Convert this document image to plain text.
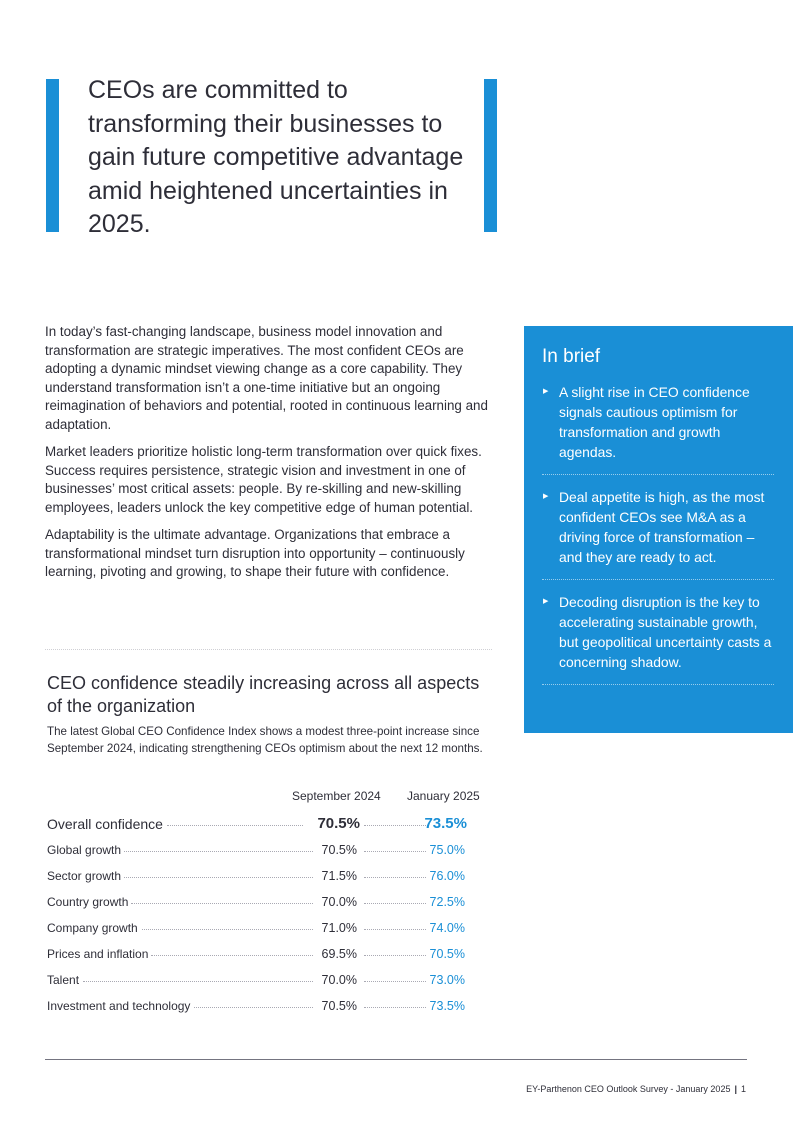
CEOs are committed to transforming their businesses to gain future competitive advantage amid heightened uncertainties in 2025.

In today’s fast-changing landscape, business model innovation and transformation are strategic imperatives. The most confident CEOs are adopting a dynamic mindset viewing change as a core capability. They understand transformation isn’t a one-time initiative but an ongoing reimagination of behaviors and potential, rooted in continuous learning and adaptation.

Market leaders prioritize holistic long-term transformation over quick fixes. Success requires persistence, strategic vision and investment in one of businesses’ most critical assets: people. By re-skilling and new-skilling employees, leaders unlock the key competitive edge of human potential.

Adaptability is the ultimate advantage. Organizations that embrace a transformational mindset turn disruption into opportunity – continuously learning, pivoting and growing, to shape their future with confidence.

In brief
▶ A slight rise in CEO confidence signals cautious optimism for transformation and growth agendas.
▶ Deal appetite is high, as the most confident CEOs see M&A as a driving force of transformation – and they are ready to act.
▶ Decoding disruption is the key to accelerating sustainable growth, but geopolitical uncertainty casts a concerning shadow.
CEO confidence steadily increasing across all aspects of the organization

The latest Global CEO Confidence Index shows a modest three-point increase since September 2024, indicating strengthening CEOs optimism about the next 12 months.

September 2024 January 2025
Overall confidence	70.5%	73.5%
Global growth	70.5%	75.0%
Sector growth	71.5%	76.0%
Country growth	70.0%	72.5%
Company growth	71.0%	74.0%
Prices and inflation	69.5%	70.5%
Talent	70.0%	73.0%
Investment and technology	70.5%	73.5%
EY-Parthenon CEO Outlook Survey - January 2025 | 1
